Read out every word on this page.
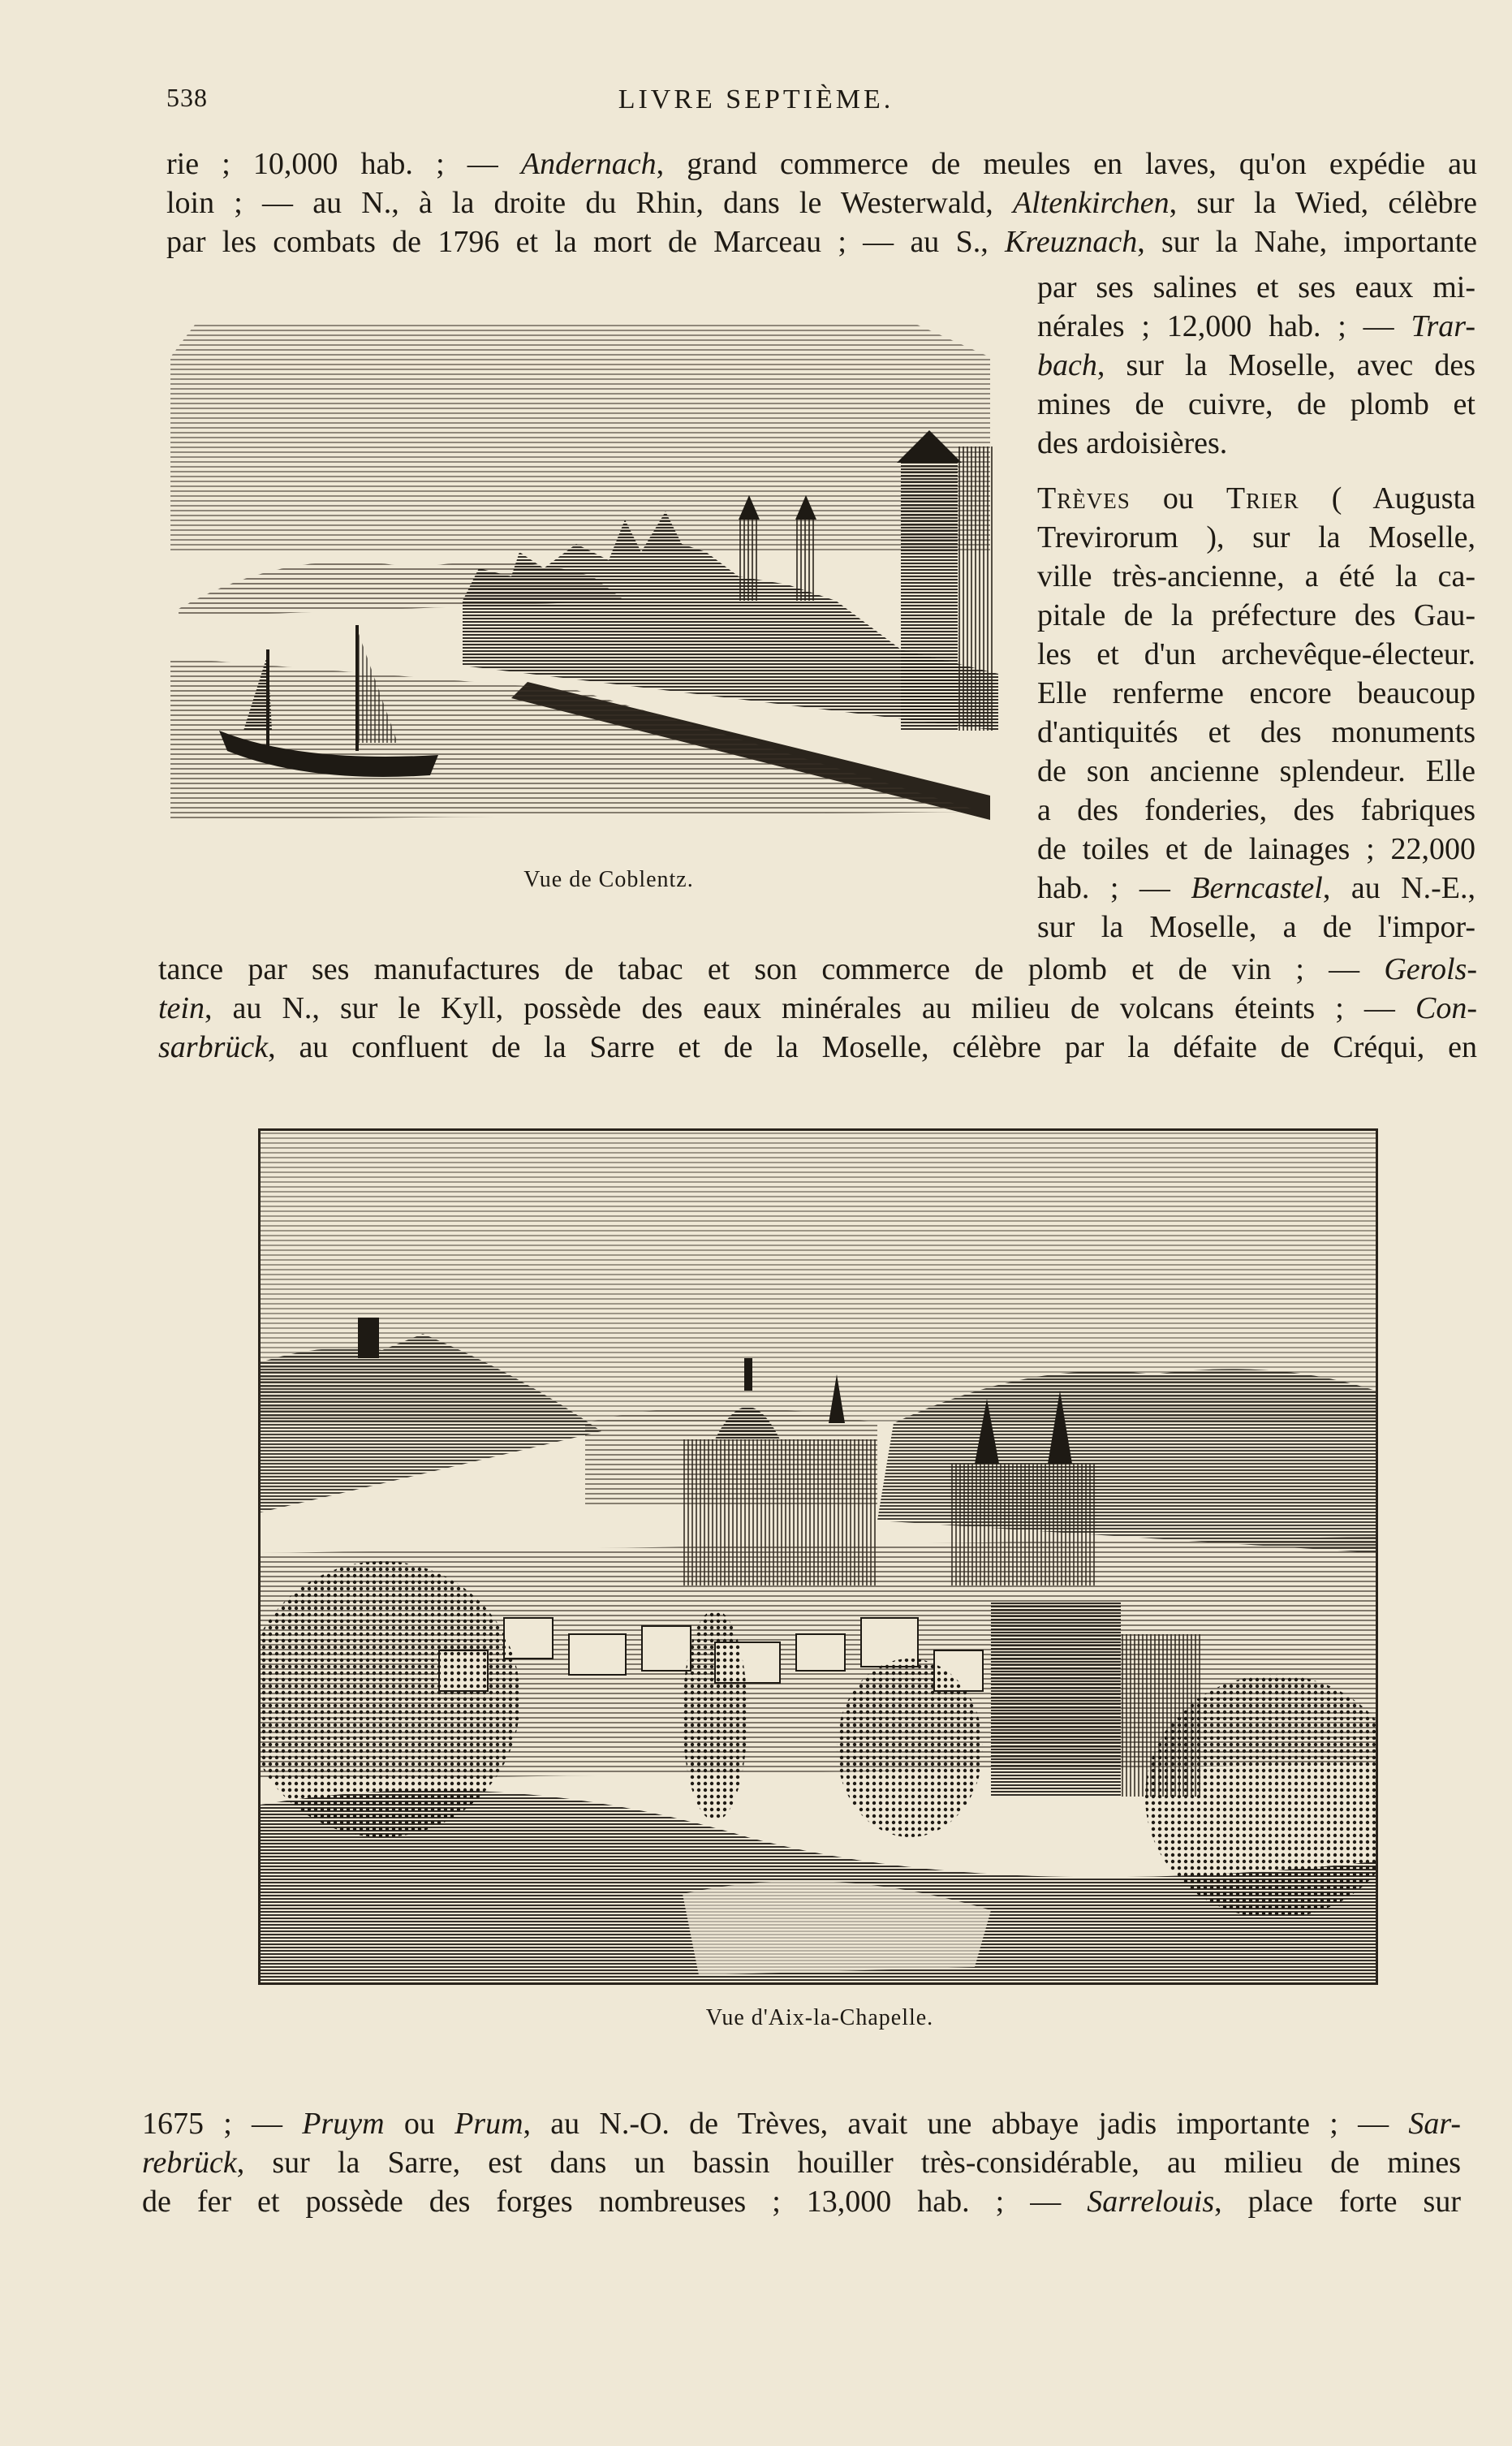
538	LIVRE SEPTIÈME.
rie ; 10,000 hab. ; — Andernach, grand commerce de meules en laves, qu'on expédie au
loin ; — au N., à la droite du Rhin, dans le Westerwald, Altenkirchen, sur la Wied, célèbre
par les combats de 1796 et la mort de Marceau ; — au S., Kreuznach, sur la Nahe, importante
par ses salines et ses eaux mi-
nérales ; 12,000 hab. ; — Trar-
bach, sur la Moselle, avec des
mines de cuivre, de plomb et
des ardoisières.
Trèves ou Trier ( Augusta
Trevirorum ), sur la Moselle,
ville très-ancienne, a été la ca-
pitale de la préfecture des Gau-
les et d'un archevêque-électeur.
Elle renferme encore beaucoup
d'antiquités et des monuments
de son ancienne splendeur. Elle
a des fonderies, des fabriques
de toiles et de lainages ; 22,000
hab. ; — Berncastel, au N.-E.,
sur la Moselle, a de l'impor-
tance par ses manufactures de tabac et son commerce de plomb et de vin ; — Gerols-
tein, au N., sur le Kyll, possède des eaux minérales au milieu de volcans éteints ; — Con-
sarbrück, au confluent de la Sarre et de la Moselle, célèbre par la défaite de Créqui, en
1675 ; — Pruym ou Prum, au N.-O. de Trèves, avait une abbaye jadis importante ; — Sar-
rebrück, sur la Sarre, est dans un bassin houiller très-considérable, au milieu de mines
de fer et possède des forges nombreuses ; 13,000 hab. ; — Sarrelouis, place forte sur
Vue de Coblentz.
Vue d'Aix-la-Chapelle.
